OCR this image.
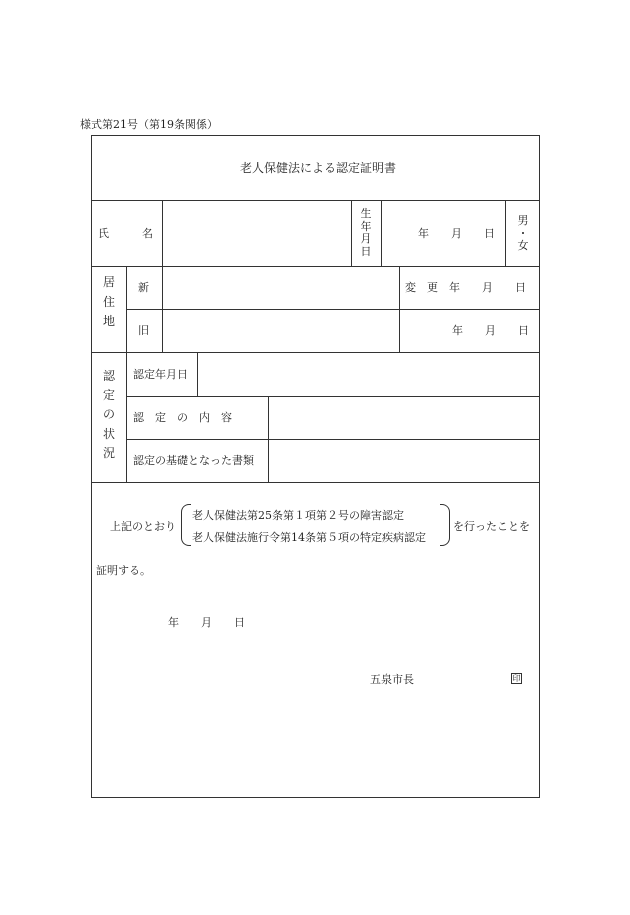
様式第21号（第19条関係）
老人保健法による認定証明書
氏　　　名
生
年
月
日
年　　月　　日
男
・
女
居

住

地
新
旧
変　更　年　　月　　日
年　　月　　日
認

定

の

状

況
認定年月日
認　定　の　内　容
認定の基礎となった書類
上記のとおり
老人保健法第25条第１項第２号の障害認定
老人保健法施行令第14条第５項の特定疾病認定
を行ったことを
証明する。
年　　月　　日
五泉市長	印
